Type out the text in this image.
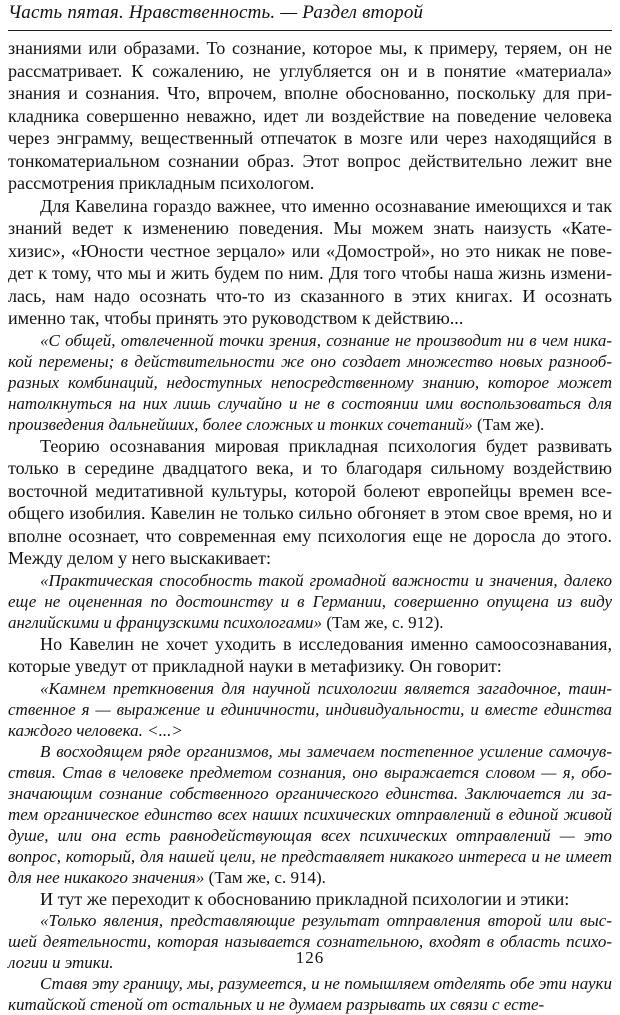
Часть пятая. Нравственность. — Раздел второй

знаниями или образами. То сознание, которое мы, к примеру, теряем, он не рассматривает. К сожалению, не углубляется он и в понятие «материала» знания и сознания. Что, впрочем, вполне обоснованно, поскольку для прикладника совершенно неважно, идет ли воздействие на поведение человека через энграмму, вещественный отпечаток в мозге или через находящийся в тонкоматериальном сознании образ. Этот вопрос действительно лежит вне рассмотрения прикладным психологом.

Для Кавелина гораздо важнее, что именно осознавание имеющихся и так знаний ведет к изменению поведения. Мы можем знать наизусть «Катехизис», «Юности честное зерцало» или «Домострой», но это никак не поведет к тому, что мы и жить будем по ним. Для того чтобы наша жизнь изменилась, нам надо осознать что-то из сказанного в этих книгах. И осознать именно так, чтобы принять это руководством к действию...

«С общей, отвлеченной точки зрения, сознание не производит ни в чем никакой перемены; в действительности же оно создает множество новых разнообразных комбинаций, недоступных непосредственному знанию, которое может натолкнуться на них лишь случайно и не в состоянии ими воспользоваться для произведения дальнейших, более сложных и тонких сочетаний» (Там же).

Теорию осознавания мировая прикладная психология будет развивать только в середине двадцатого века, и то благодаря сильному воздействию восточной медитативной культуры, которой болеют европейцы времен всеобщего изобилия. Кавелин не только сильно обгоняет в этом свое время, но и вполне осознает, что современная ему психология еще не доросла до этого. Между делом у него выскакивает:

«Практическая способность такой громадной важности и значения, далеко еще не оцененная по достоинству и в Германии, совершенно опущена из виду английскими и французскими психологами» (Там же, с. 912).

Но Кавелин не хочет уходить в исследования именно самоосознавания, которые уведут от прикладной науки в метафизику. Он говорит:

«Камнем преткновения для научной психологии является загадочное, таинственное я — выражение и единичности, индивидуальности, и вместе единства каждого человека. <...>

В восходящем ряде организмов, мы замечаем постепенное усиление самочувствия. Став в человеке предметом сознания, оно выражается словом — я, обозначающим сознание собственного органического единства. Заключается ли затем органическое единство всех наших психических отправлений в единой живой душе, или она есть равнодействующая всех психических отправлений — это вопрос, который, для нашей цели, не представляет никакого интереса и не имеет для нее никакого значения» (Там же, с. 914).

И тут же переходит к обоснованию прикладной психологии и этики:

«Только явления, представляющие результат отправления второй или высшей деятельности, которая называется сознательною, входят в область психологии и этики.

Ставя эту границу, мы, разумеется, и не помышляем отделять обе эти науки китайской стеной от остальных и не думаем разрывать их связи с есте-

126
